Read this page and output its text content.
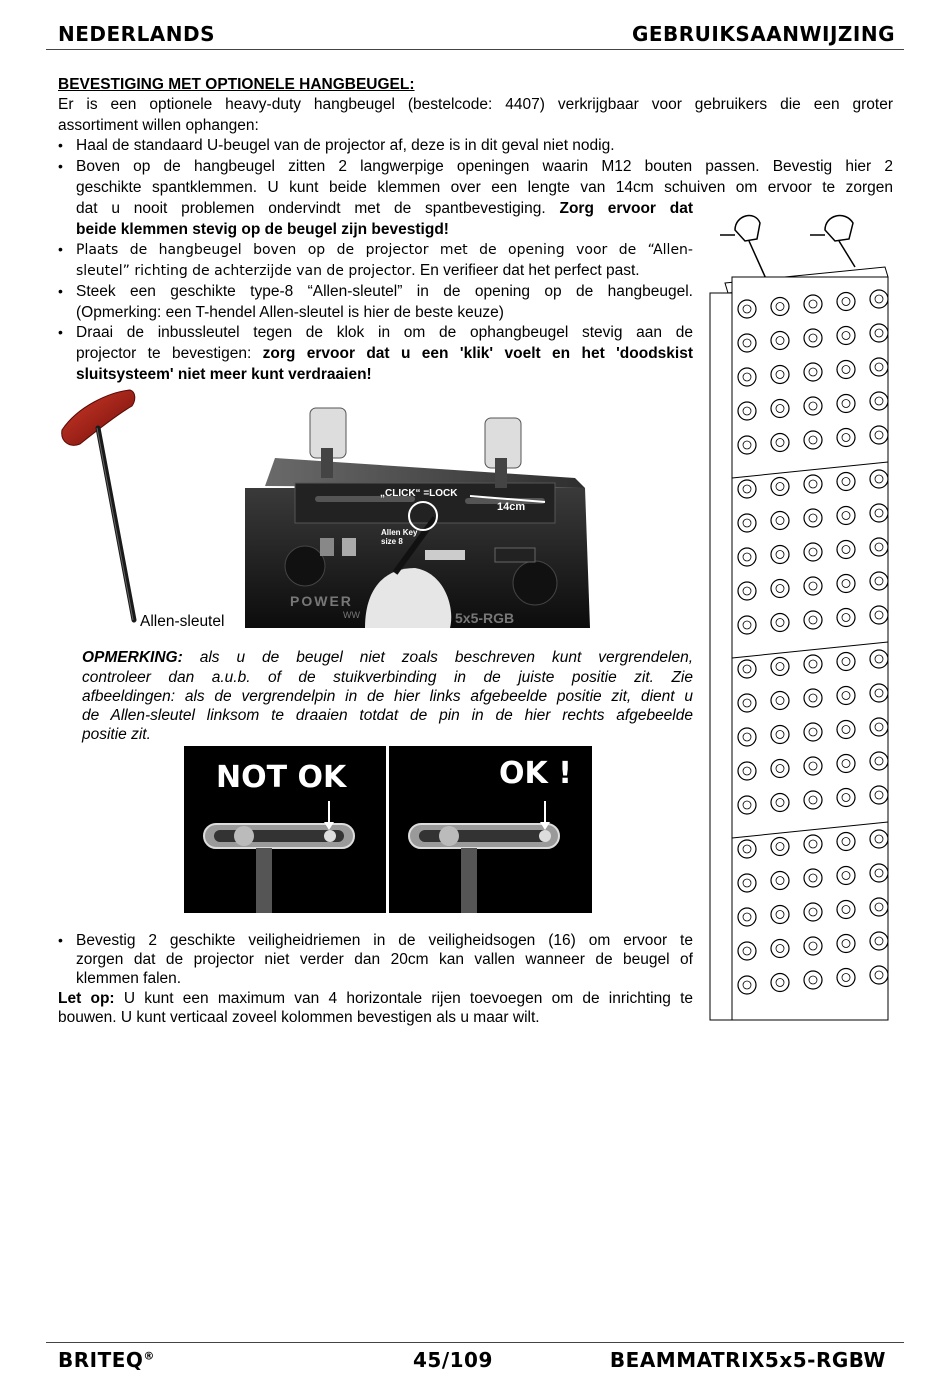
NEDERLANDS	GEBRUIKSAANWIJZING
BEVESTIGING MET OPTIONELE HANGBEUGEL:
Er is een optionele heavy-duty hangbeugel (bestelcode: 4407) verkrijgbaar voor gebruikers die een groter
assortiment willen ophangen:
• Haal de standaard U-beugel van de projector af, deze is in dit geval niet nodig.
• Boven op de hangbeugel zitten 2 langwerpige openingen waarin M12 bouten passen. Bevestig hier 2
geschikte spantklemmen. U kunt beide klemmen over een lengte van 14cm schuiven om ervoor te zorgen
dat u nooit problemen ondervindt met de spantbevestiging. Zorg ervoor dat
beide klemmen stevig op de beugel zijn bevestigd!
• Plaats de hangbeugel boven op de projector met de opening voor de “Allen-
sleutel” richting de achterzijde van de projector. En verifieer dat het perfect past.
• Steek een geschikte type-8 “Allen-sleutel” in de opening op de hangbeugel.
(Opmerking: een T-hendel Allen-sleutel is hier de beste keuze)
• Draai de inbussleutel tegen de klok in om de ophangbeugel stevig aan de
projector te bevestigen: zorg ervoor dat u een 'klik' voelt en het 'doodskist
sluitsysteem' niet meer kunt verdraaien!
Allen-sleutel
„CLICK“ =LOCK
14cm
Allen Key
size 8
POWER
5x5-RGB
WW
OPMERKING: als u de beugel niet zoals beschreven kunt vergrendelen,
controleer dan a.u.b. of de stuikverbinding in de juiste positie zit. Zie
afbeeldingen: als de vergrendelpin in de hier links afgebeelde positie zit, dient u
de Allen-sleutel linksom te draaien totdat de pin in de hier rechts afgebeelde
positie zit.
NOT OK	OK !
• Bevestig 2 geschikte veiligheidriemen in de veiligheidsogen (16) om ervoor te
zorgen dat de projector niet verder dan 20cm kan vallen wanneer de beugel of
klemmen falen.
Let op: U kunt een maximum van 4 horizontale rijen toevoegen om de inrichting te
bouwen. U kunt verticaal zoveel kolommen bevestigen als u maar wilt.
BRITEQ®	45/109	BEAMMATRIX5x5-RGBW
